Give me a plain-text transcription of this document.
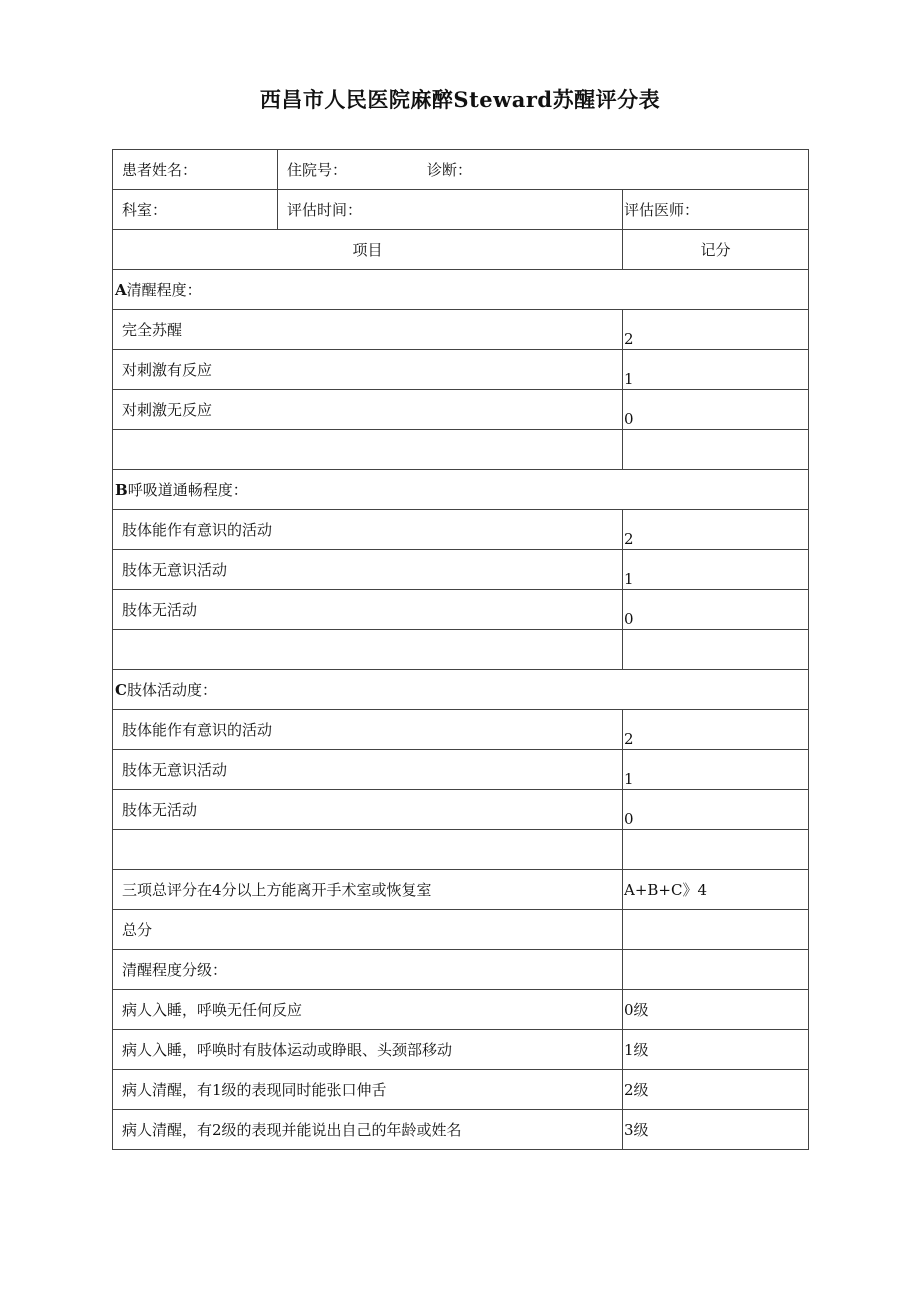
西昌市人民医院麻醉Steward苏醒评分表
患者姓名：	住院号： 诊断：	
科室：	评估时间：	评估医师：
项目		记分
A清醒程度：		
完全苏醒		2
对刺激有反应		1
对刺激无反应		0

B呼吸道通畅程度：		
肢体能作有意识的活动		2
肢体无意识活动		1
肢体无活动		0

C肢体活动度：		
肢体能作有意识的活动		2
肢体无意识活动		1
肢体无活动		0

三项总评分在4分以上方能离开手术室或恢复室		A+B+C》4
总分		
清醒程度分级：		
病人入睡，呼唤无任何反应		0级
病人入睡，呼唤时有肢体运动或睁眼、头颈部移动		1级
病人清醒，有1级的表现同时能张口伸舌		2级
病人清醒，有2级的表现并能说出自己的年龄或姓名		3级
